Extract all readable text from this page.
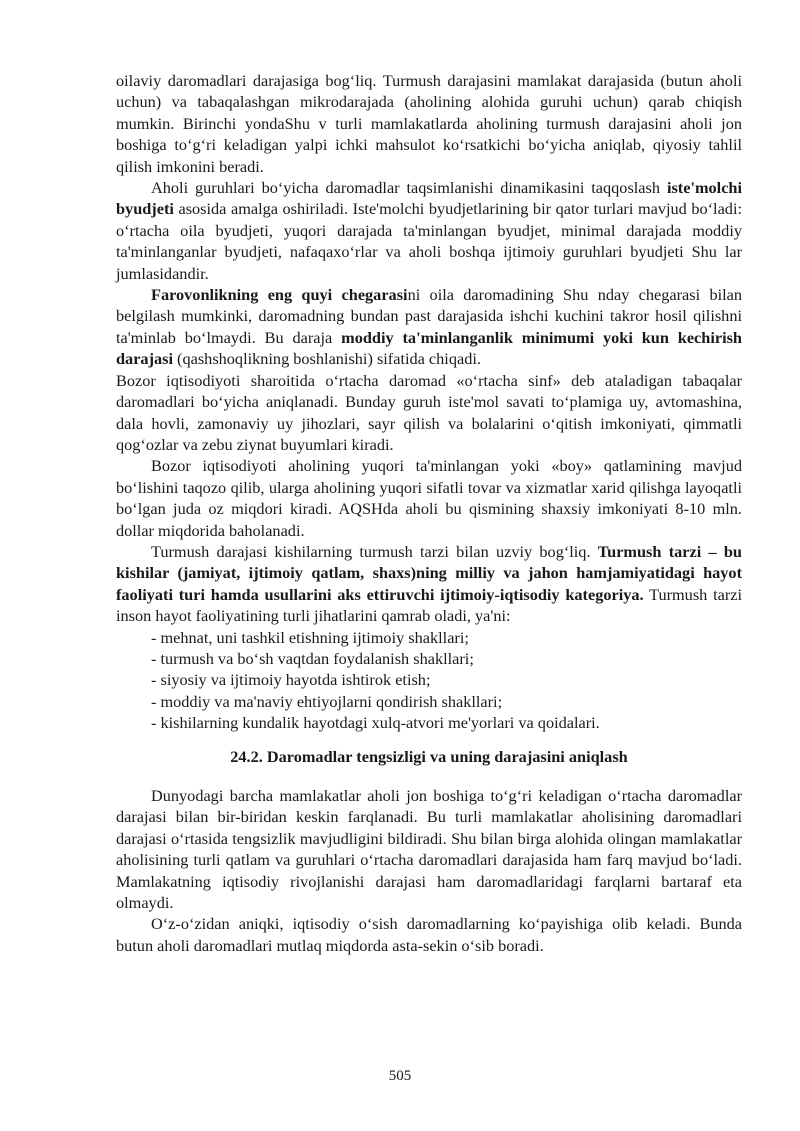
oilaviy daromadlari darajasiga bog‘liq. Turmush darajasini mamlakat darajasida (butun aholi uchun) va tabaqalashgan mikrodarajada (aholining alohida guruhi uchun) qarab chiqish mumkin. Birinchi yondaShu v turli mamlakatlarda aholining turmush darajasini aholi jon boshiga to‘g‘ri keladigan yalpi ichki mahsulot ko‘rsatkichi bo‘yicha aniqlab, qiyosiy tahlil qilish imkonini beradi.

Aholi guruhlari bo‘yicha daromadlar taqsimlanishi dinamikasini taqqoslash iste'molchi byudjeti asosida amalga oshiriladi. Iste'molchi byudjetlarining bir qator turlari mavjud bo‘ladi: o‘rtacha oila byudjeti, yuqori darajada ta'minlangan byudjet, minimal darajada moddiy ta'minlanganlar byudjeti, nafaqaxo‘rlar va aholi boshqa ijtimoiy guruhlari byudjeti Shu lar jumlasidandir.

Farovonlikning eng quyi chegarasini oila daromadining Shu nday chegarasi bilan belgilash mumkinki, daromadning bundan past darajasida ishchi kuchini takror hosil qilishni ta'minlab bo‘lmaydi. Bu daraja moddiy ta'minlanganlik minimumi yoki kun kechirish darajasi (qashshoqlikning boshlanishi) sifatida chiqadi.

Bozor iqtisodiyoti sharoitida o‘rtacha daromad «o‘rtacha sinf» deb ataladigan tabaqalar daromadlari bo‘yicha aniqlanadi. Bunday guruh iste'mol savati to‘plamiga uy, avtomashina, dala hovli, zamonaviy uy jihozlari, sayr qilish va bolalarini o‘qitish imkoniyati, qimmatli qog‘ozlar va zebu ziynat buyumlari kiradi.

Bozor iqtisodiyoti aholining yuqori ta'minlangan yoki «boy» qatlamining mavjud bo‘lishini taqozo qilib, ularga aholining yuqori sifatli tovar va xizmatlar xarid qilishga layoqatli bo‘lgan juda oz miqdori kiradi. AQSHda aholi bu qismining shaxsiy imkoniyati 8-10 mln. dollar miqdorida baholanadi.

Turmush darajasi kishilarning turmush tarzi bilan uzviy bog‘liq. Turmush tarzi – bu kishilar (jamiyat, ijtimoiy qatlam, shaxs)ning milliy va jahon hamjamiyatidagi hayot faoliyati turi hamda usullarini aks ettiruvchi ijtimoiy-iqtisodiy kategoriya. Turmush tarzi inson hayot faoliyatining turli jihatlarini qamrab oladi, ya'ni:

- mehnat, uni tashkil etishning ijtimoiy shakllari;
- turmush va bo‘sh vaqtdan foydalanish shakllari;
- siyosiy va ijtimoiy hayotda ishtirok etish;
- moddiy va ma'naviy ehtiyojlarni qondirish shakllari;
- kishilarning kundalik hayotdagi xulq-atvori me'yorlari va qoidalari.
24.2. Daromadlar tengsizligi va uning darajasini aniqlash

Dunyodagi barcha mamlakatlar aholi jon boshiga to‘g‘ri keladigan o‘rtacha daromadlar darajasi bilan bir-biridan keskin farqlanadi. Bu turli mamlakatlar aholisining daromadlari darajasi o‘rtasida tengsizlik mavjudligini bildiradi. Shu bilan birga alohida olingan mamlakatlar aholisining turli qatlam va guruhlari o‘rtacha daromadlari darajasida ham farq mavjud bo‘ladi. Mamlakatning iqtisodiy rivojlanishi darajasi ham daromadlaridagi farqlarni bartaraf eta olmaydi.

O‘z-o‘zidan aniqki, iqtisodiy o‘sish daromadlarning ko‘payishiga olib keladi. Bunda butun aholi daromadlari mutlaq miqdorda asta-sekin o‘sib boradi.

505
